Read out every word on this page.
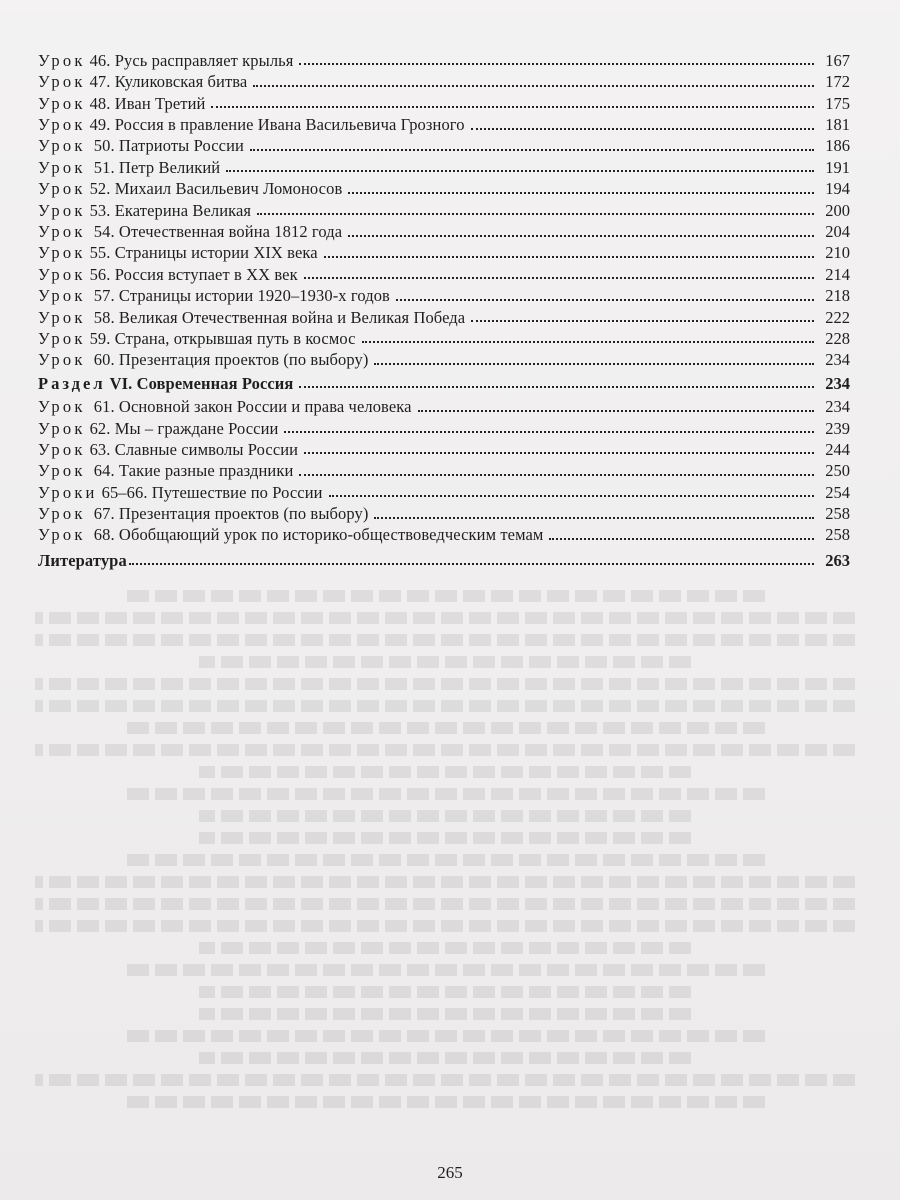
Урок 46. Русь расправляет крылья	167
Урок 47. Куликовская битва	172
Урок 48. Иван Третий	175
Урок 49. Россия в правление Ивана Васильевича Грозного	181
Урок 50. Патриоты России	186
Урок 51. Петр Великий	191
Урок 52. Михаил Васильевич Ломоносов	194
Урок 53. Екатерина Великая	200
Урок 54. Отечественная война 1812 года	204
Урок 55. Страницы истории XIX века	210
Урок 56. Россия вступает в XX век	214
Урок 57. Страницы истории 1920–1930-х годов	218
Урок 58. Великая Отечественная война и Великая Победа	222
Урок 59. Страна, открывшая путь в космос	228
Урок 60. Презентация проектов (по выбору)	234
Раздел VI. Современная Россия	234
Урок 61. Основной закон России и права человека	234
Урок 62. Мы – граждане России	239
Урок 63. Славные символы России	244
Урок 64. Такие разные праздники	250
Уроки 65–66. Путешествие по России	254
Урок 67. Презентация проектов (по выбору)	258
Урок 68. Обобщающий урок по историко-обществоведческим темам	258
Литература	263
265
